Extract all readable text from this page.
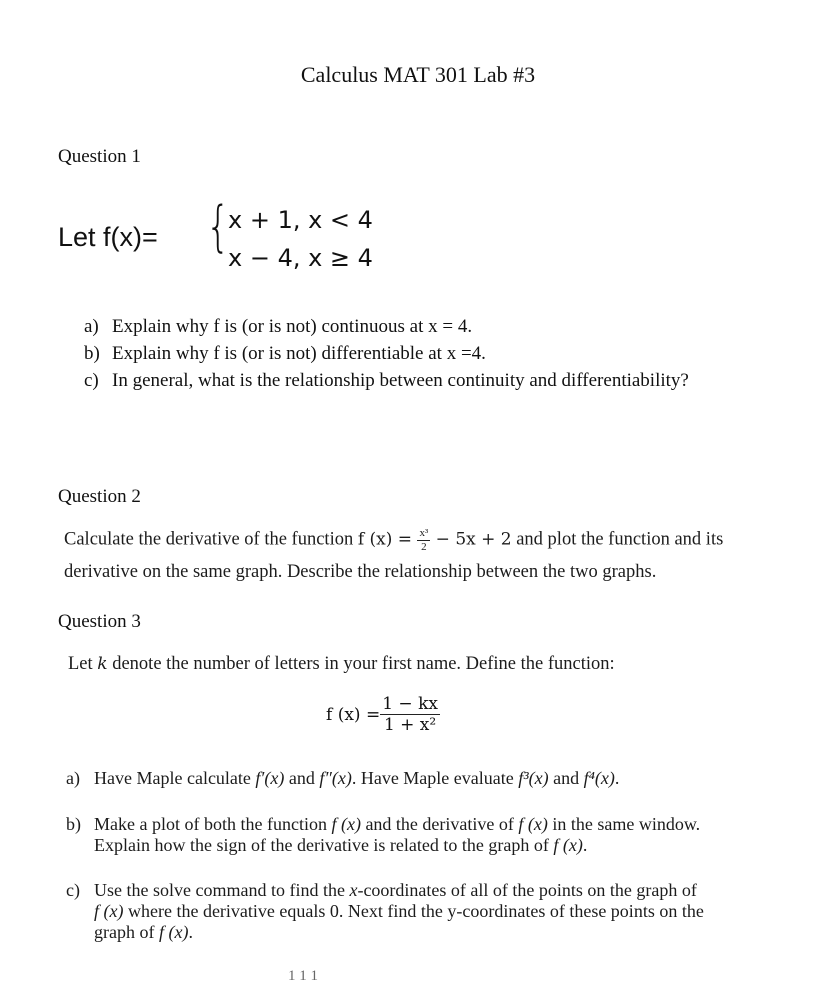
Calculus MAT 301 Lab #3
Question 1
Let f(x)= {
x + 1, x < 4
x − 4, x ≥ 4
a) Explain why f is (or is not) continuous at x = 4.
b) Explain why f is (or is not) differentiable at x =4.
c) In general, what is the relationship between continuity and differentiability?
Question 2
Calculate the derivative of the function f $(x) = \frac{\text{x³}}{2} - 5x + 2$ and plot the function and its
derivative on the same graph. Describe the relationship between the two graphs.
Question 3
Let k denote the number of letters in your first name. Define the function:
f $(x) = \frac{1 - kx}{\text{1 + x²}}$
a) Have Maple calculate f′(x) and f″(x). Have Maple evaluate f³(x) and f⁴(x).
b) Make a plot of both the function f (x) and the derivative of f (x) in the same window.
Explain how the sign of the derivative is related to the graph of f (x).
c) Use the solve command to find the x-coordinates of all of the points on the graph of
f (x) where the derivative equals 0. Next find the y-coordinates of these points on the
graph of f (x).
1 1 1
